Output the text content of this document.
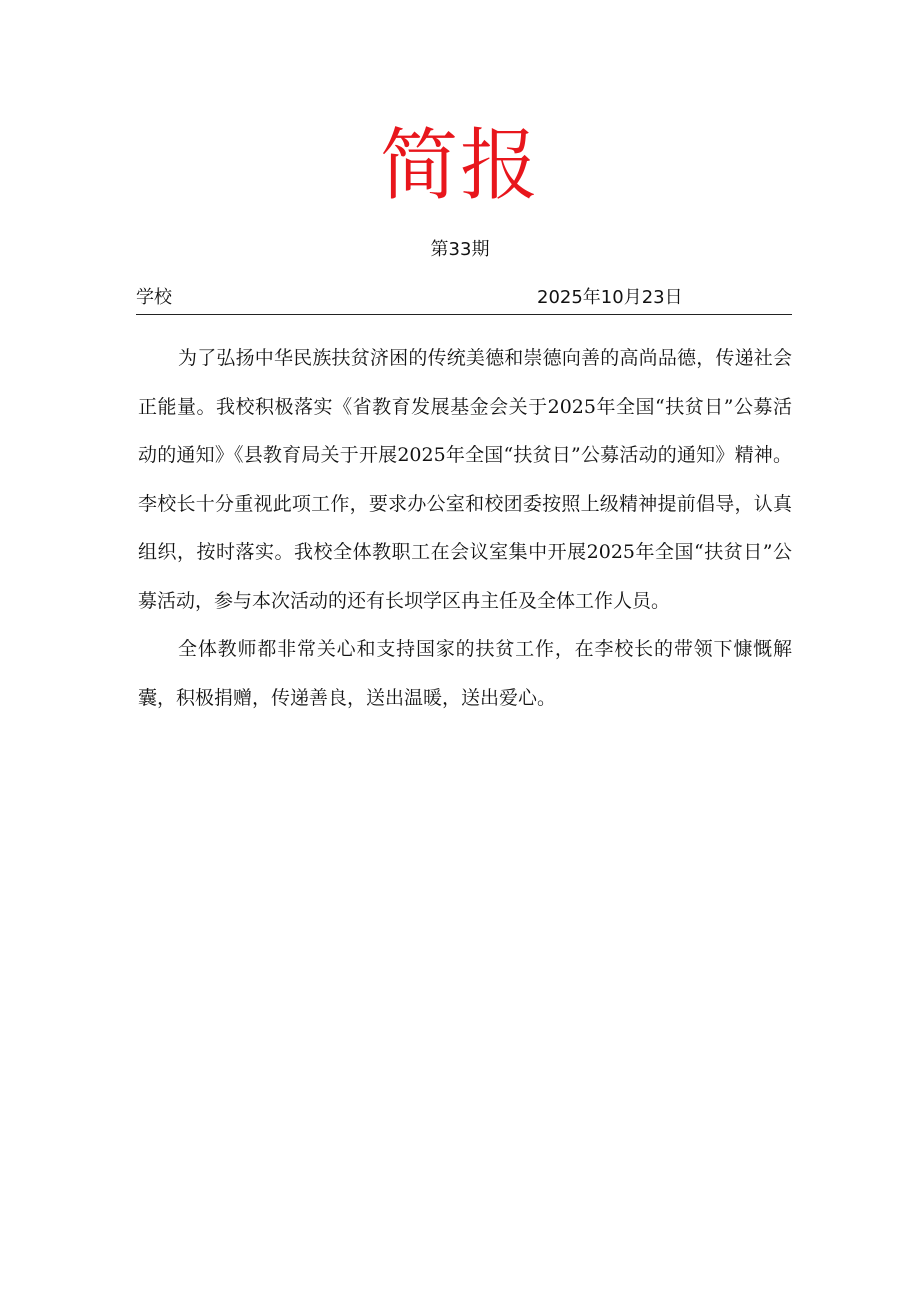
简报
第33期
学校	2025年10月23日

为了弘扬中华民族扶贫济困的传统美德和崇德向善的高尚品德，传递社会正能量。我校积极落实《省教育发展基金会关于2025年全国“扶贫日”公募活动的通知》《县教育局关于开展2025年全国“扶贫日”公募活动的通知》精神。李校长十分重视此项工作，要求办公室和校团委按照上级精神提前倡导，认真组织，按时落实。我校全体教职工在会议室集中开展2025年全国“扶贫日”公募活动，参与本次活动的还有长坝学区冉主任及全体工作人员。

全体教师都非常关心和支持国家的扶贫工作，在李校长的带领下慷慨解囊，积极捐赠，传递善良，送出温暖，送出爱心。
